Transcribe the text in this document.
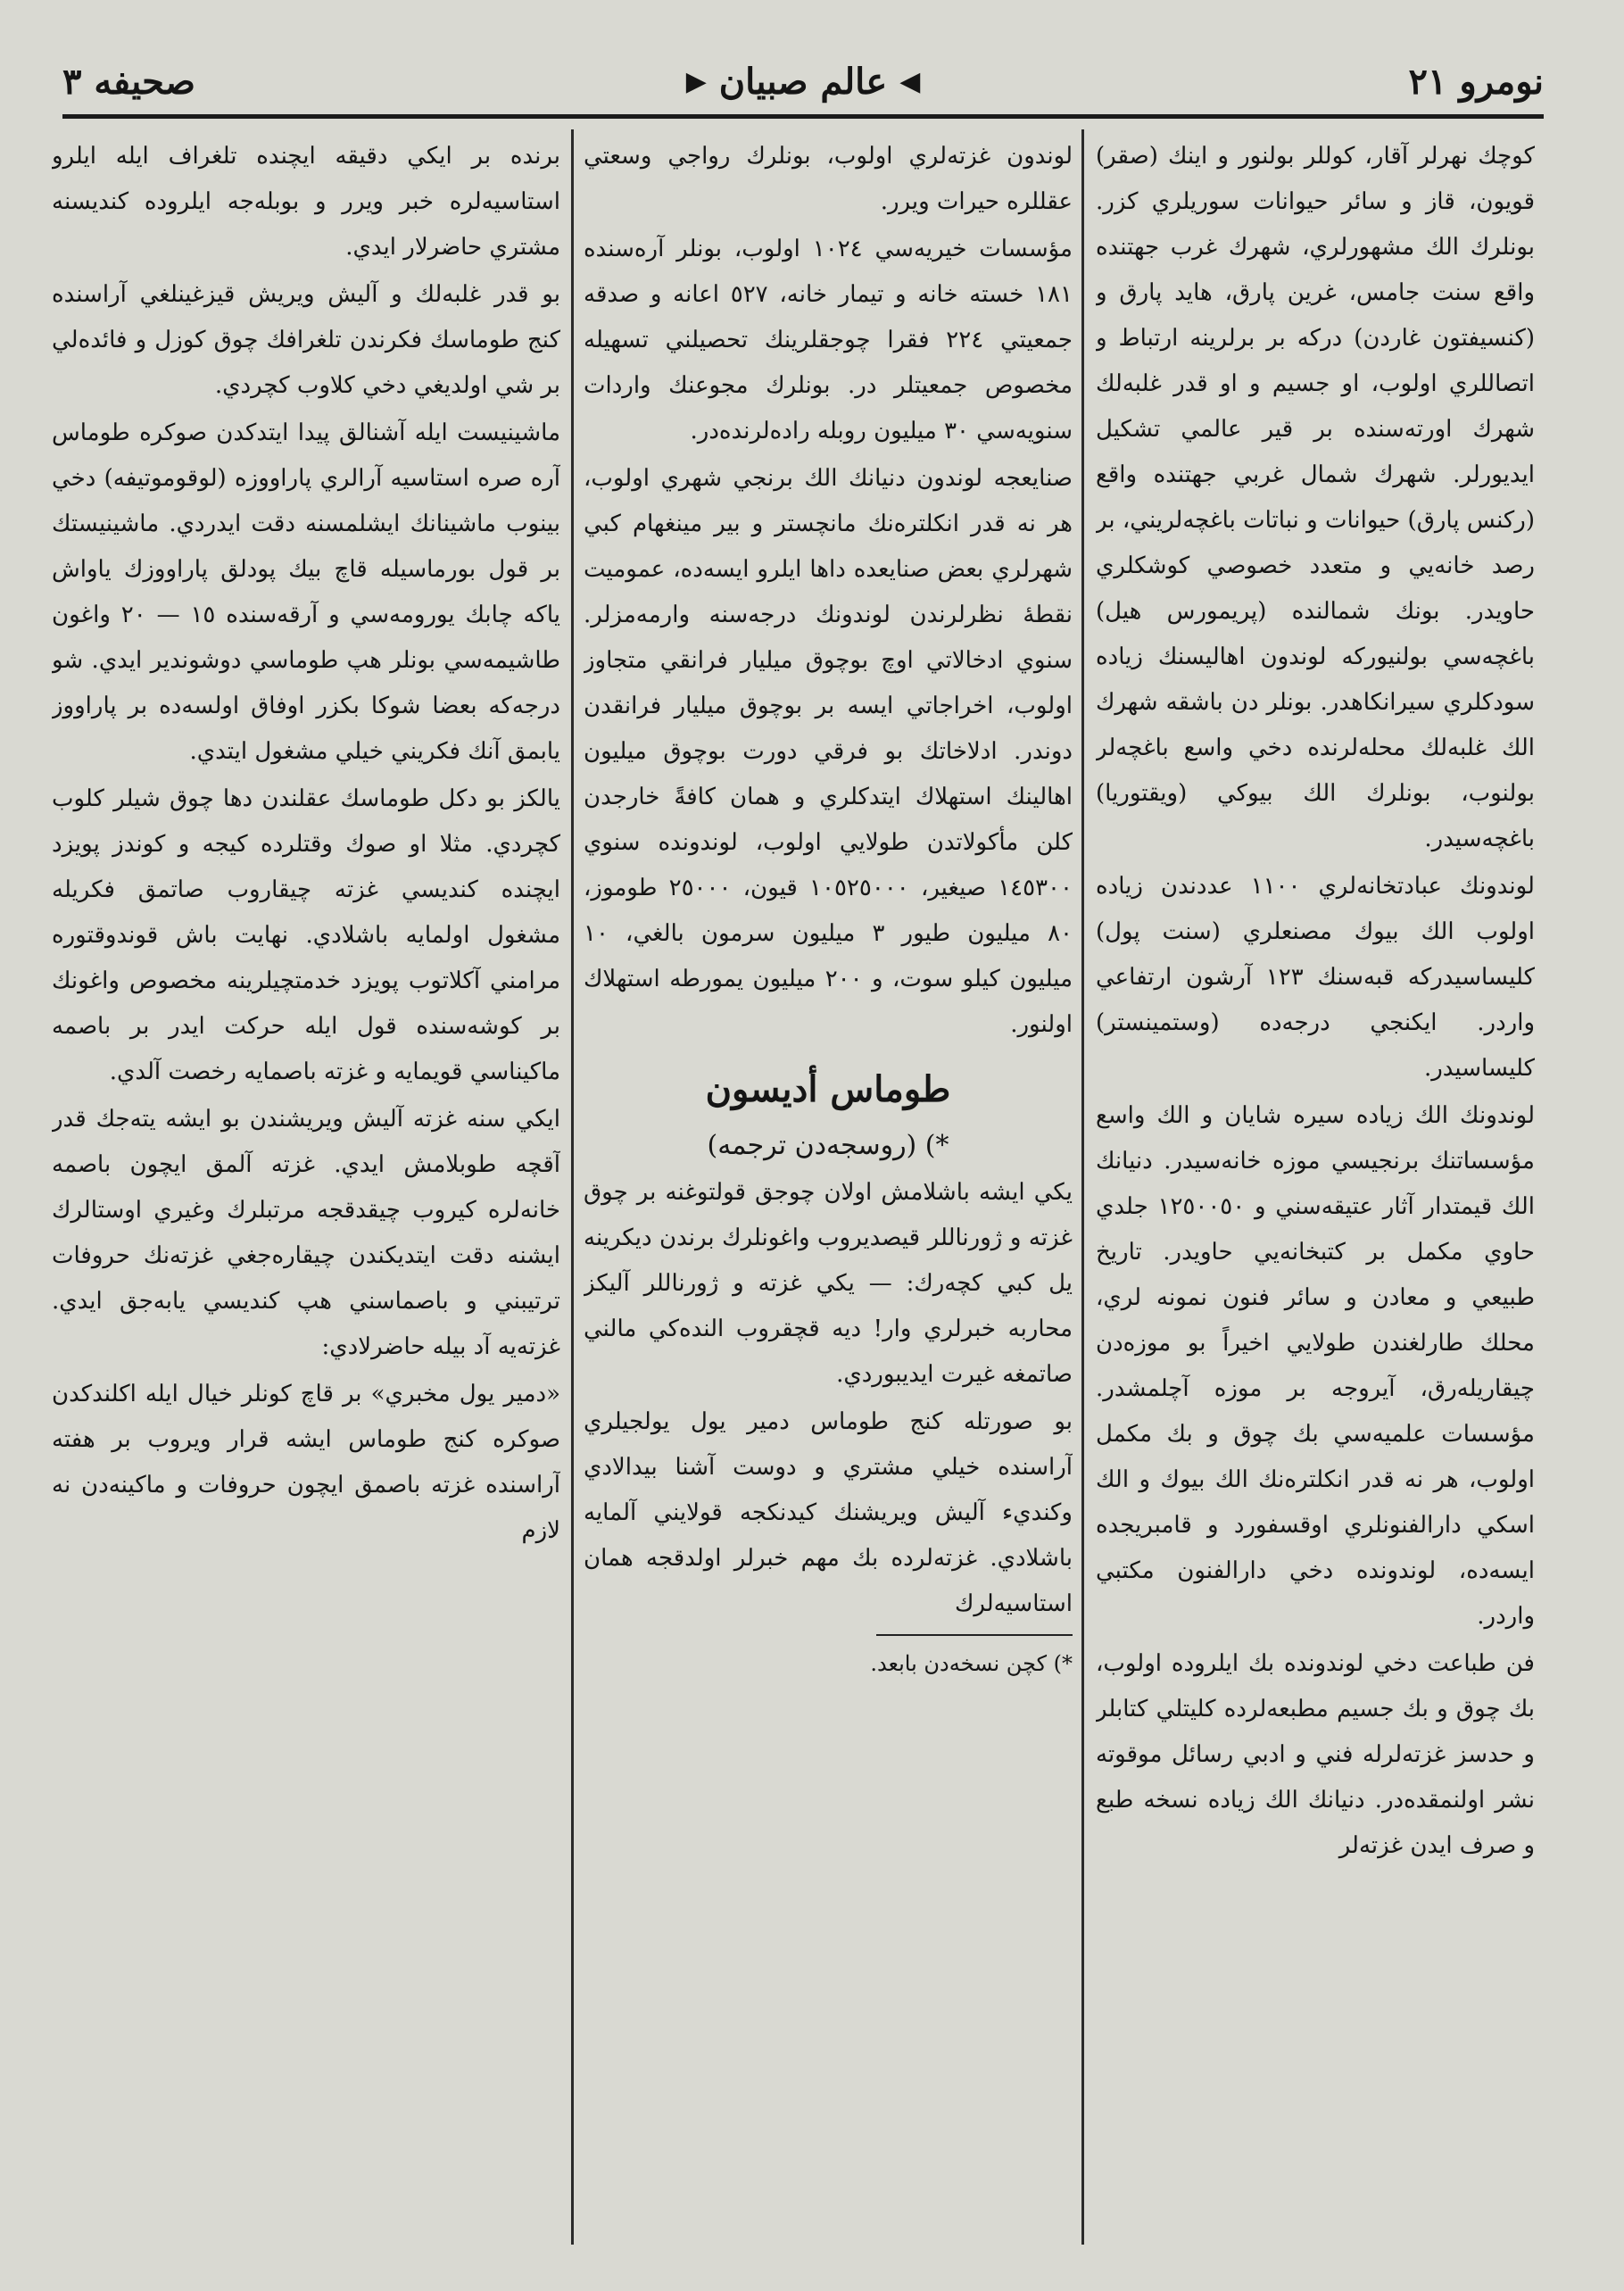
نومرو ٢١
◀
عالم صبیان
▶
صحیفه ٣

كوچك نهرلر آقار، كوللر بولنور و اينك (صقر) قويون، قاز و سائر حيوانات سوريلري كزر. بونلرك الك مشهورلري، شهرك غرب جهتنده واقع سنت جامس، غرين پارق، هايد پارق و (كنسيفتون غاردن) دركه بر برلرينه ارتباط و اتصاللري اولوب، او جسيم و او قدر غلبه‌لك شهرك اورته‌سنده بر قير عالمي تشكيل ايديورلر. شهرك شمال غربي جهتنده واقع (ركنس پارق) حيوانات و نباتات باغچه‌لريني، بر رصد خانه‌يي و متعدد خصوصي كوشكلري حاويدر. بونك شمالنده (پريمورس هيل) باغچه‌سي بولنيوركه لوندون اهاليسنك زياده سودكلري سيرانكاهدر. بونلر دن باشقه شهرك الك غلبه‌لك محله‌لرنده دخي واسع باغچه‌لر بولنوب، بونلرك الك بيوكي (ويقتوريا) باغچه‌سيدر.

لوندونك عبادتخانه‌لري ١١٠٠ عددندن زياده اولوب الك بيوك مصنعلري (سنت پول) كليساسيدركه قبه‌سنك ١٢٣ آرشون ارتفاعي واردر. ايكنجي درجه‌ده (وستمينستر) كليساسيدر.

لوندونك الك زياده سيره شايان و الك واسع مؤسساتنك برنجيسي موزه خانه‌سيدر. دنيانك الك قيمتدار آثار عتيقه‌سني و ١٢٥٠٠٥٠ جلدي حاوي مكمل بر كتبخانه‌يي حاويدر. تاريخ طبيعي و معادن و سائر فنون نمونه لري، محلك طارلغندن طولايي اخيراً بو موزه‌دن چيقاريله‌رق، آيروجه بر موزه آچلمشدر. مؤسسات علميه‌سي بك چوق و بك مكمل اولوب، هر نه قدر انكلتره‌نك الك بيوك و الك اسكي دارالفنونلري اوقسفورد و قامبريجده ايسه‌ده، لوندونده دخي دارالفنون مكتبي واردر.

فن طباعت دخي لوندونده بك ايلروده اولوب، بك چوق و بك جسيم مطبعه‌لرده كليتلي كتابلر و حدسز غزته‌لرله فني و ادبي رسائل موقوته نشر اولنمقده‌در. دنيانك الك زياده نسخه طبع و صرف ايدن غزته‌لر

لوندون غزته‌لري اولوب، بونلرك رواجي وسعتي عقللره حيرات ويرر.

مؤسسات خيريه‌سي ١٠٢٤ اولوب، بونلر آره‌سنده ١٨١ خسته خانه و تيمار خانه، ٥٢٧ اعانه و صدقه جمعيتي ٢٢٤ فقرا چوجقلرينك تحصيلني تسهيله مخصوص جمعيتلر در. بونلرك مجوعنك واردات سنويه‌سي ٣٠ ميليون روبله راده‌لرنده‌در.

صنايعجه لوندون دنيانك الك برنجي شهري اولوب، هر نه قدر انكلتره‌نك مانچستر و بير مينغهام كبي شهرلري بعض صنايعده داها ايلرو ايسه‌ده، عموميت نقطهٔ نظرلرندن لوندونك درجه‌سنه وارمه‌مزلر. سنوي ادخالاتي اوچ بوچوق ميليار فرانقي متجاوز اولوب، اخراجاتي ايسه بر بوچوق ميليار فرانقدن دوندر. ادلاخاتك بو فرقي دورت بوچوق ميليون اهالينك استهلاك ايتدكلري و همان كافةً خارجدن كلن مأكولاتدن طولايي اولوب، لوندونده سنوي ١٤٥٣٠٠ صيغير، ١٠٥٢٥٠٠٠ قيون، ٢٥٠٠٠ طوموز، ٨٠ ميليون طيور ٣ ميليون سرمون بالغي، ١٠ ميليون كيلو سوت، و ٢٠٠ ميليون يمورطه استهلاك اولنور.

طوماس أديسون

*) (روسجه‌دن ترجمه)

يكي ايشه باشلامش اولان چوجق قولتوغنه بر چوق غزته و ژورناللر قيصديروب واغونلرك برندن ديكرينه يل كبي كچه‌رك: — يكي غزته و ژورناللر آليكز محاربه خبرلري وار! ديه قچقروب النده‌كي مالني صاتمغه غيرت ايديبوردي.

بو صورتله كنج طوماس دمير يول يولجيلري آراسنده خيلي مشتري و دوست آشنا بيدالادي وكنديء آليش ويريشنك كيدنكجه قولايني آلمايه باشلادي. غزته‌لرده بك مهم خبرلر اولدقجه همان استاسيه‌لرك

*) كچن نسخه‌دن بابعد.

برنده بر ايكي دقيقه ايچنده تلغراف ايله ايلرو استاسيه‌لره خبر ويرر و بوبله‌جه ايلروده كنديسنه مشتري حاضرلار ايدي.

بو قدر غلبه‌لك و آليش ويريش قيزغينلغي آراسنده كنج طوماسك فكرندن تلغرافك چوق كوزل و فائده‌لي بر شي اولديغي دخي كلاوب كچردي.

ماشينيست ايله آشنالق پيدا ايتدكدن صوكره طوماس آره صره استاسيه آرالري پاراووزه (لوقوموتيفه) دخي بينوب ماشينانك ايشلمسنه دقت ايدردي. ماشينيستك بر قول بورماسيله قاچ بيك پودلق پاراووزك ياواش ياكه چابك يورومه‌سي و آرقه‌سنده ١٥ — ٢٠ واغون طاشيمه‌سي بونلر هپ طوماسي دوشوندير ايدي. شو درجه‌كه بعضا شوكا بكزر اوفاق اولسه‌ده بر پاراووز يابمق آنك فكريني خيلي مشغول ايتدي.

يالكز بو دكل طوماسك عقلندن دها چوق شيلر كلوب كچردي. مثلا او صوك وقتلرده كيجه و كوندز پويزد ايچنده كنديسي غزته چيقاروب صاتمق فكريله مشغول اولمايه باشلادي. نهايت باش قوندوقتوره مرامني آكلاتوب پويزد خدمتچيلرينه مخصوص واغونك بر كوشه‌سنده قول ايله حركت ايدر بر باصمه ماكيناسي قويمايه و غزته باصمايه رخصت آلدي.

ايكي سنه غزته آليش ويريشندن بو ايشه يته‌جك قدر آقچه طوبلامش ايدي. غزته آلمق ايچون باصمه خانه‌لره كيروب چيقدقجه مرتبلرك وغيري اوستالرك ايشنه دقت ايتديكندن چيقاره‌جغي غزته‌نك حروفات ترتيبني و باصماسني هپ كنديسي يابه‌جق ايدي. غزته‌يه آد بيله حاضرلادي:

«دمير يول مخبري» بر قاچ كونلر خيال ايله اكلندكدن صوكره كنج طوماس ايشه قرار ويروب بر هفته آراسنده غزته باصمق ايچون حروفات و ماكينه‌دن نه لازم
